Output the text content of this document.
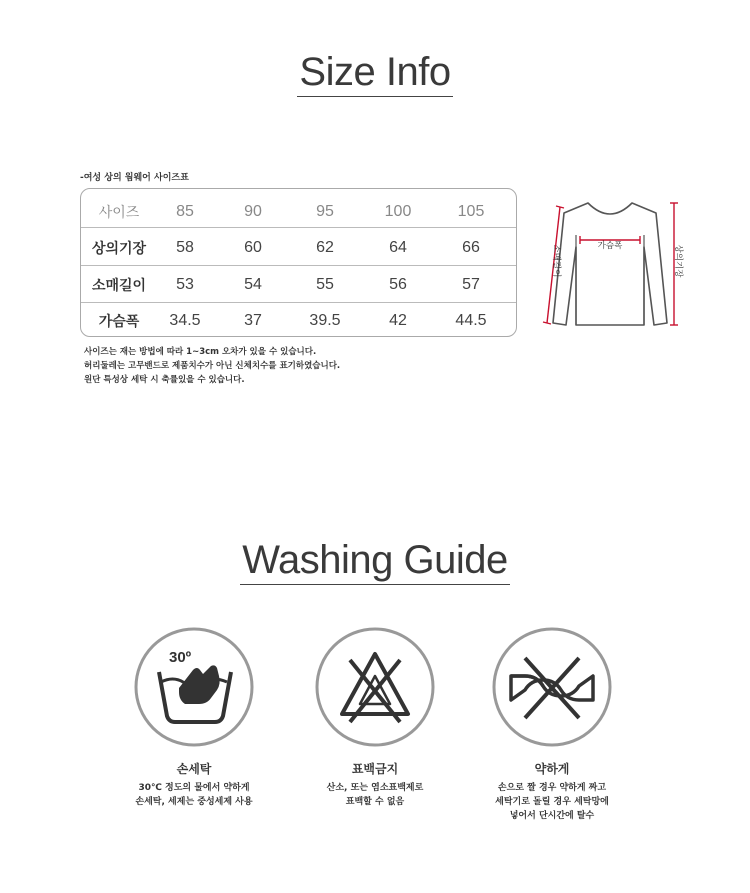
Size Info
-여성 상의 웜웨어 사이즈표
사이즈	85	90	95	100	105
상의기장	58	60	62	64	66
소매길이	53	54	55	56	57
가슴폭	34.5	37	39.5	42	44.5
사이즈는 재는 방법에 따라 1~3cm 오차가 있을 수 있습니다.
허리둘레는 고무밴드로 제품치수가 아닌 신체치수를 표기하였습니다.
원단 특성상 세탁 시 축률있을 수 있습니다.
소매길이	가슴폭	상의기장
Washing Guide
30º
손세탁
30℃ 정도의 물에서 약하게
손세탁, 세제는 중성세제 사용
표백금지
산소, 또는 염소표백제로
표백할 수 없음
약하게
손으로 짤 경우 약하게 짜고
세탁기로 돌릴 경우 세탁망에
넣어서 단시간에 탈수
